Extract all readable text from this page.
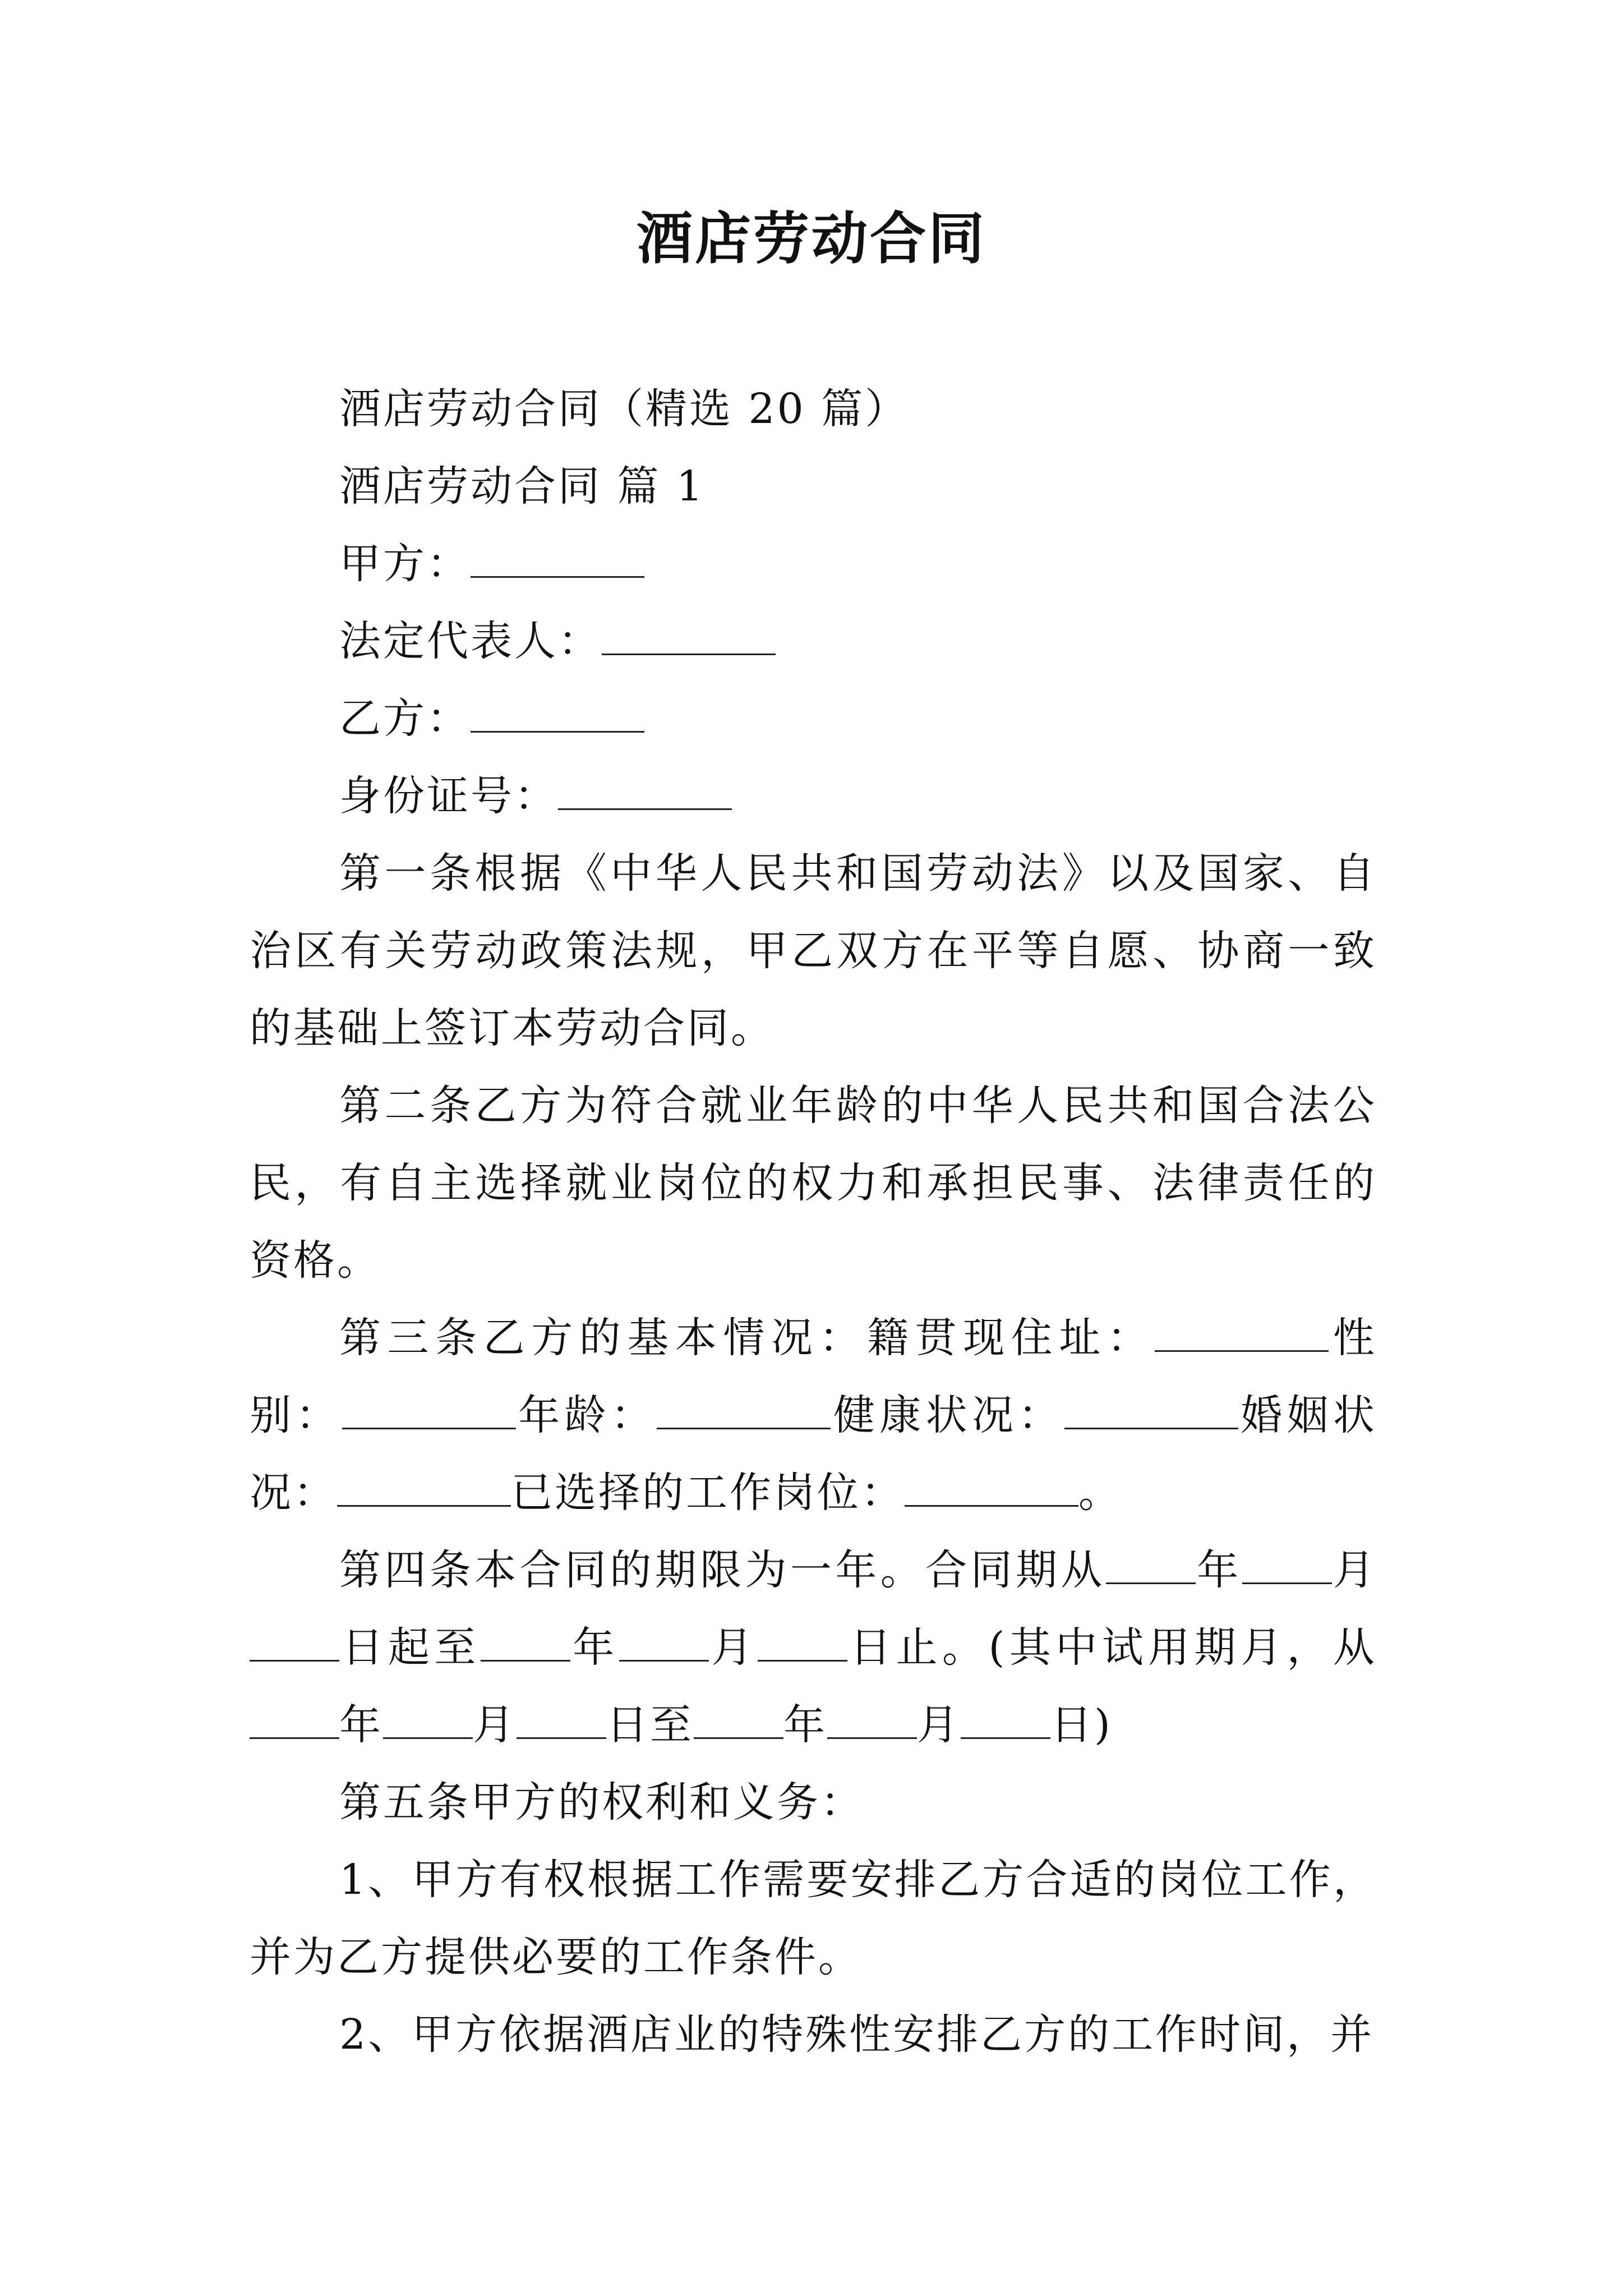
酒店劳动合同

酒店劳动合同（精选 20 篇）

酒店劳动合同 篇 1

甲方：

法定代表人：

乙方：

身份证号：

第一条根据《中华人民共和国劳动法》以及国家、自治区有关劳动政策法规，甲乙双方在平等自愿、协商一致的基础上签订本劳动合同。

第二条乙方为符合就业年龄的中华人民共和国合法公民，有自主选择就业岗位的权力和承担民事、法律责任的资格。

第三条乙方的基本情况：籍贯现住址：	性别：	年龄：	健康状况：	婚姻状况：	已选择的工作岗位：	。

第四条本合同的期限为一年。合同期从 年 月日起至 年 月 日止。(其中试用期月，从年 月 日至 年 月 日)

第五条甲方的权利和义务：

1、甲方有权根据工作需要安排乙方合适的岗位工作，并为乙方提供必要的工作条件。

2、甲方依据酒店业的特殊性安排乙方的工作时间，并
